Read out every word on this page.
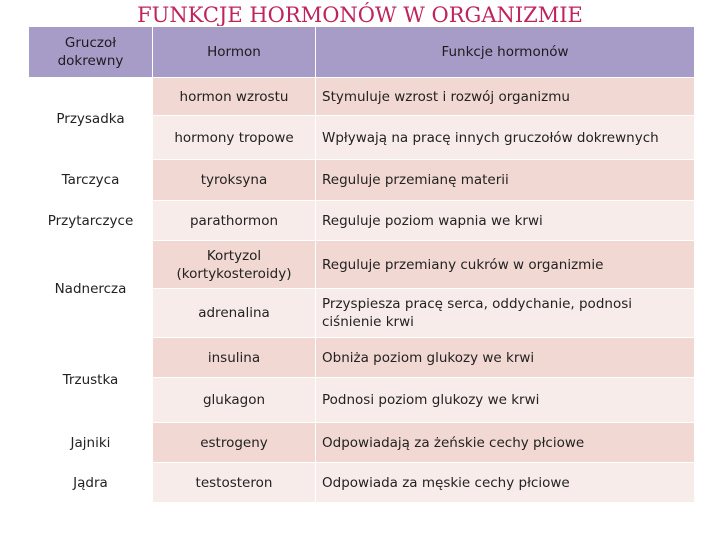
FUNKCJE HORMONÓW W ORGANIZMIE
Gruczoł dokrewny	Hormon	Funkcje hormonów
Przysadka	hormon wzrostu	Stymuluje wzrost i rozwój organizmu
	hormony tropowe	Wpływają na pracę innych gruczołów dokrewnych
Tarczyca	tyroksyna	Reguluje przemianę materii
Przytarczyce	parathormon	Reguluje poziom wapnia we krwi
Nadnercza	Kortyzol (kortykosteroidy)	Reguluje przemiany cukrów w organizmie
	adrenalina	Przyspiesza pracę serca, oddychanie, podnosi ciśnienie krwi
Trzustka	insulina	Obniża poziom glukozy we krwi
	glukagon	Podnosi poziom glukozy we krwi
Jajniki	estrogeny	Odpowiadają za żeńskie cechy płciowe
Jądra	testosteron	Odpowiada za męskie cechy płciowe
